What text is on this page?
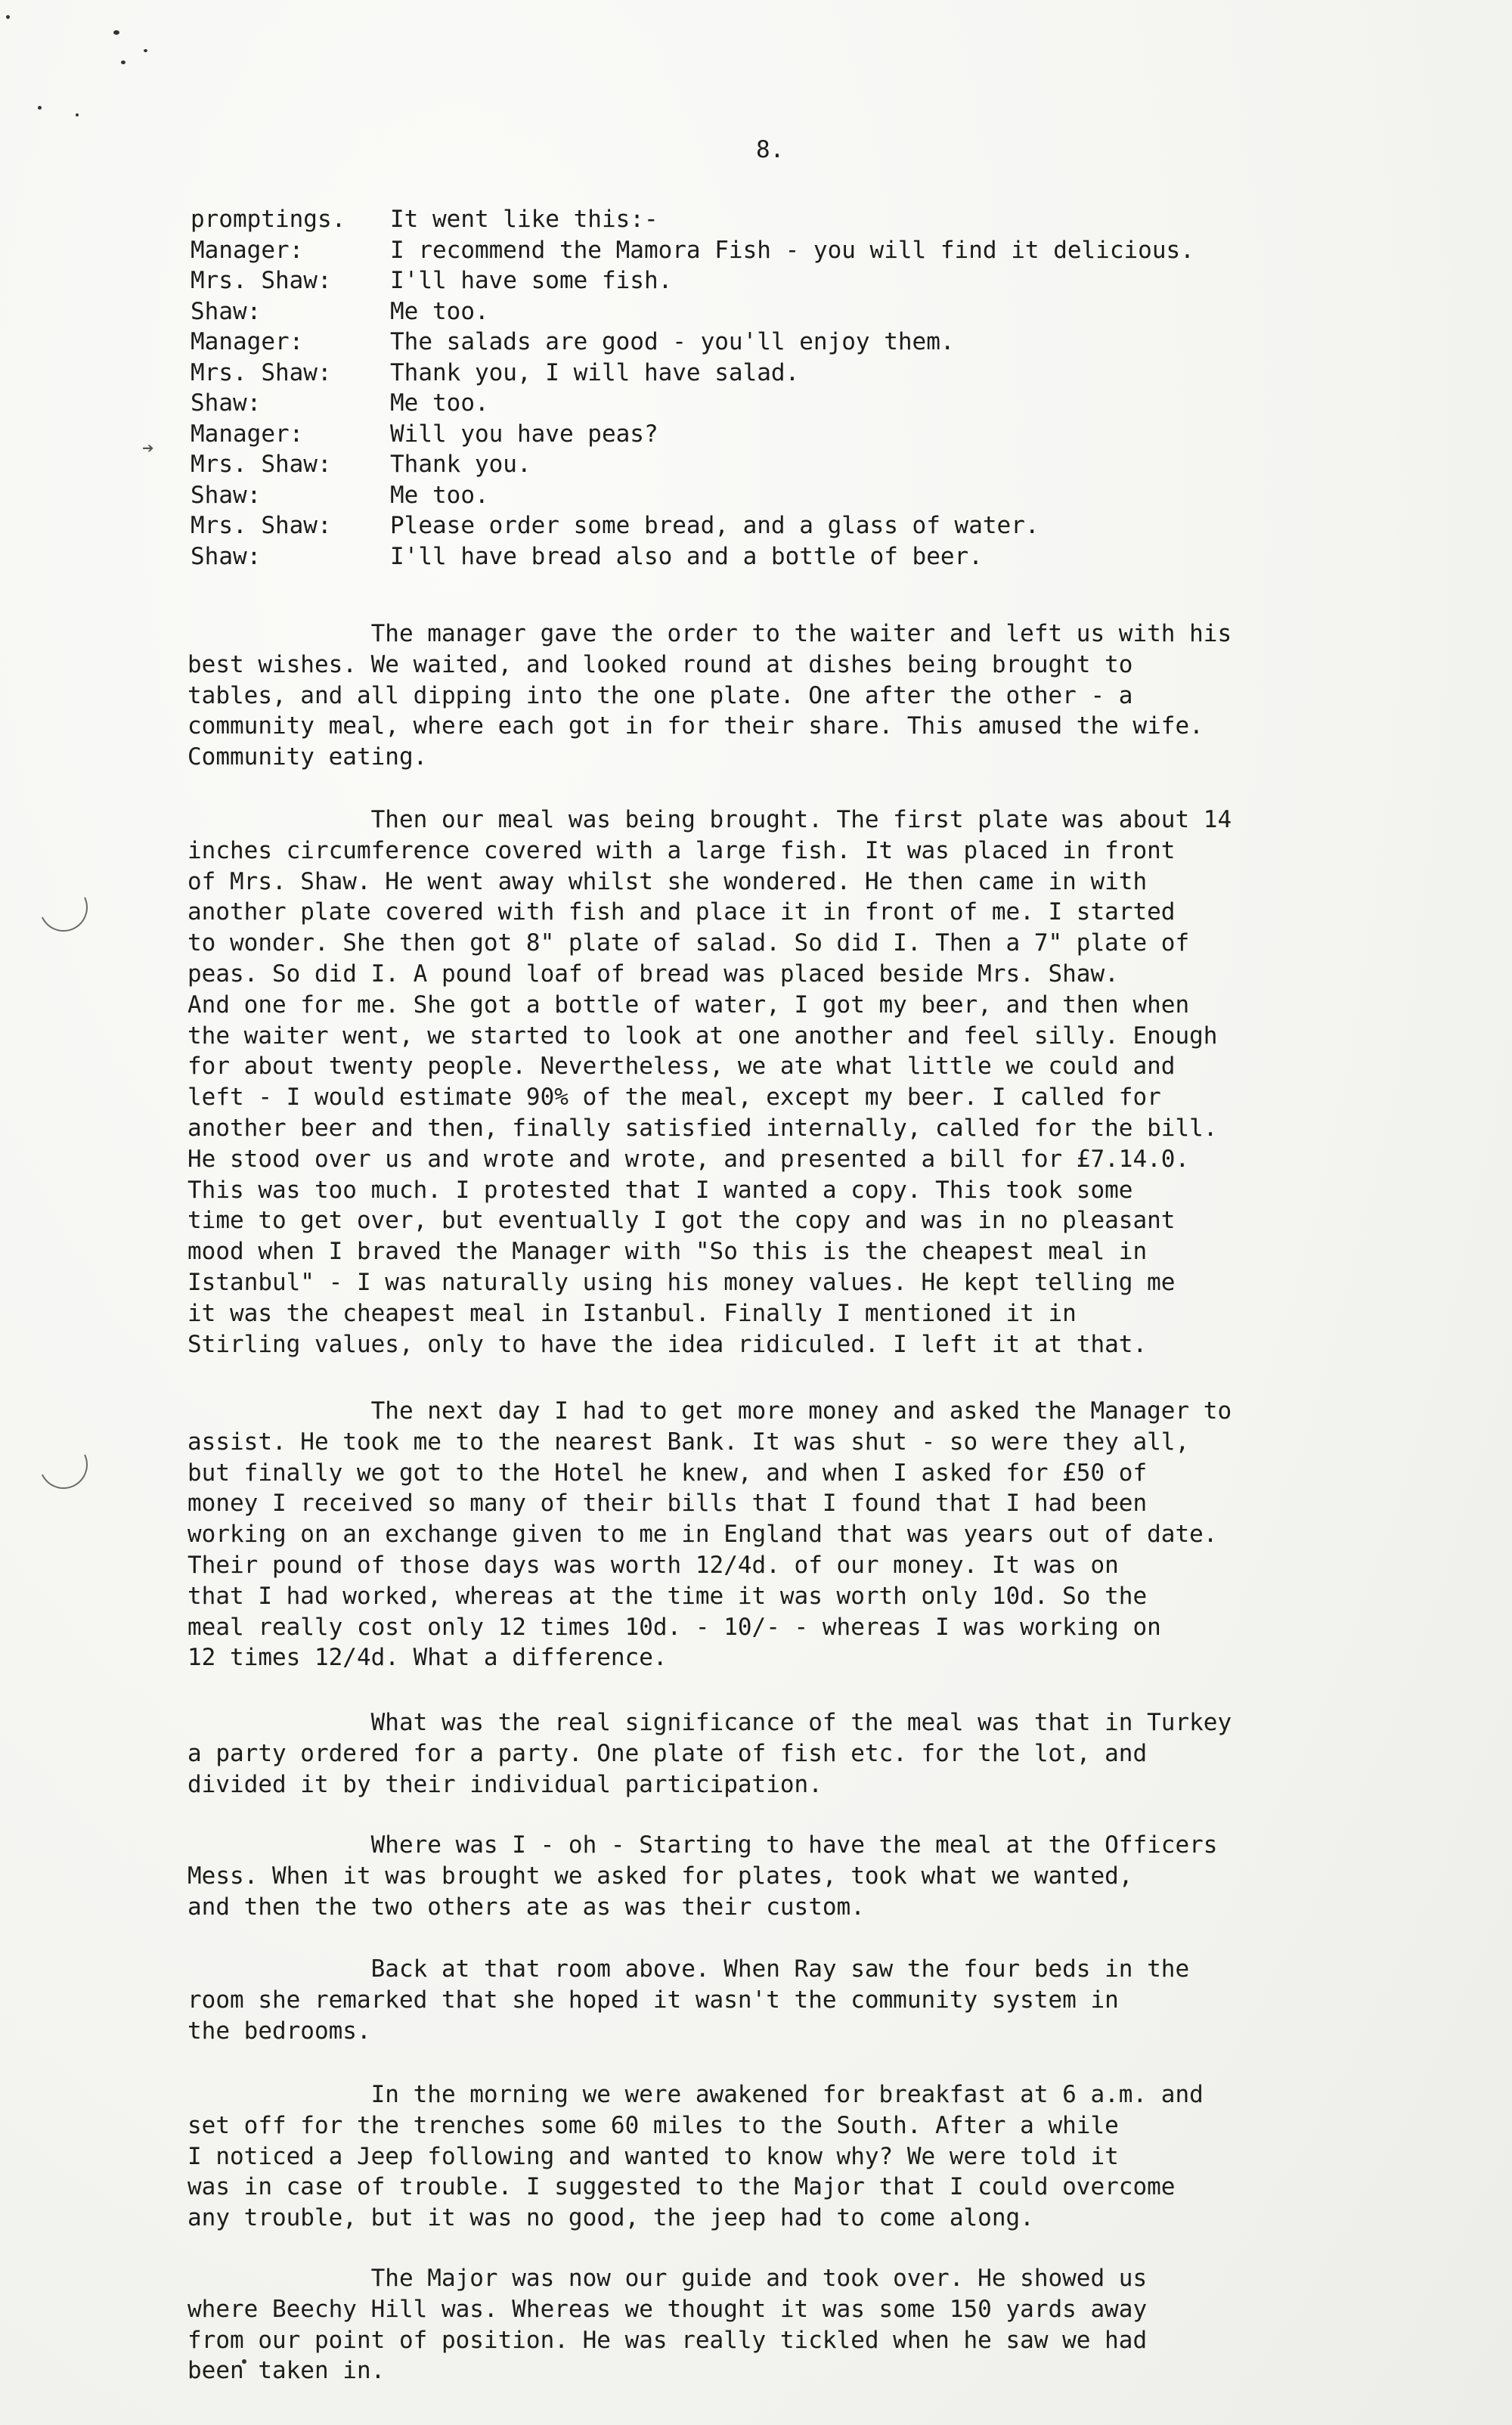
➔
8.
promptings.	It went like this:-
Manager:	I recommend the Mamora Fish - you will find it delicious.
Mrs. Shaw:	I'll have some fish.
Shaw:	Me too.
Manager:	The salads are good - you'll enjoy them.
Mrs. Shaw:	Thank you, I will have salad.
Shaw:	Me too.
Manager:	Will you have peas?
Mrs. Shaw:	Thank you.
Shaw:	Me too.
Mrs. Shaw:	Please order some bread, and a glass of water.
Shaw:	I'll have bread also and a bottle of beer.
The manager gave the order to the waiter and left us with his
best wishes. We waited, and looked round at dishes being brought to
tables, and all dipping into the one plate. One after the other - a
community meal, where each got in for their share. This amused the wife.
Community eating.
Then our meal was being brought. The first plate was about 14
inches circumference covered with a large fish. It was placed in front
of Mrs. Shaw. He went away whilst she wondered. He then came in with
another plate covered with fish and place it in front of me. I started
to wonder. She then got 8" plate of salad. So did I. Then a 7" plate of
peas. So did I. A pound loaf of bread was placed beside Mrs. Shaw.
And one for me. She got a bottle of water, I got my beer, and then when
the waiter went, we started to look at one another and feel silly. Enough
for about twenty people. Nevertheless, we ate what little we could and
left - I would estimate 90% of the meal, except my beer. I called for
another beer and then, finally satisfied internally, called for the bill.
He stood over us and wrote and wrote, and presented a bill for £7.14.0.
This was too much. I protested that I wanted a copy. This took some
time to get over, but eventually I got the copy and was in no pleasant
mood when I braved the Manager with "So this is the cheapest meal in
Istanbul" - I was naturally using his money values. He kept telling me
it was the cheapest meal in Istanbul. Finally I mentioned it in
Stirling values, only to have the idea ridiculed. I left it at that.
The next day I had to get more money and asked the Manager to
assist. He took me to the nearest Bank. It was shut - so were they all,
but finally we got to the Hotel he knew, and when I asked for £50 of
money I received so many of their bills that I found that I had been
working on an exchange given to me in England that was years out of date.
Their pound of those days was worth 12/4d. of our money. It was on
that I had worked, whereas at the time it was worth only 10d. So the
meal really cost only 12 times 10d. - 10/- - whereas I was working on
12 times 12/4d. What a difference.
What was the real significance of the meal was that in Turkey
a party ordered for a party. One plate of fish etc. for the lot, and
divided it by their individual participation.
Where was I - oh - Starting to have the meal at the Officers
Mess. When it was brought we asked for plates, took what we wanted,
and then the two others ate as was their custom.
Back at that room above. When Ray saw the four beds in the
room she remarked that she hoped it wasn't the community system in
the bedrooms.
In the morning we were awakened for breakfast at 6 a.m. and
set off for the trenches some 60 miles to the South. After a while
I noticed a Jeep following and wanted to know why? We were told it
was in case of trouble. I suggested to the Major that I could overcome
any trouble, but it was no good, the jeep had to come along.
The Major was now our guide and took over. He showed us
where Beechy Hill was. Whereas we thought it was some 150 yards away
from our point of position. He was really tickled when he saw we had
been taken in.
